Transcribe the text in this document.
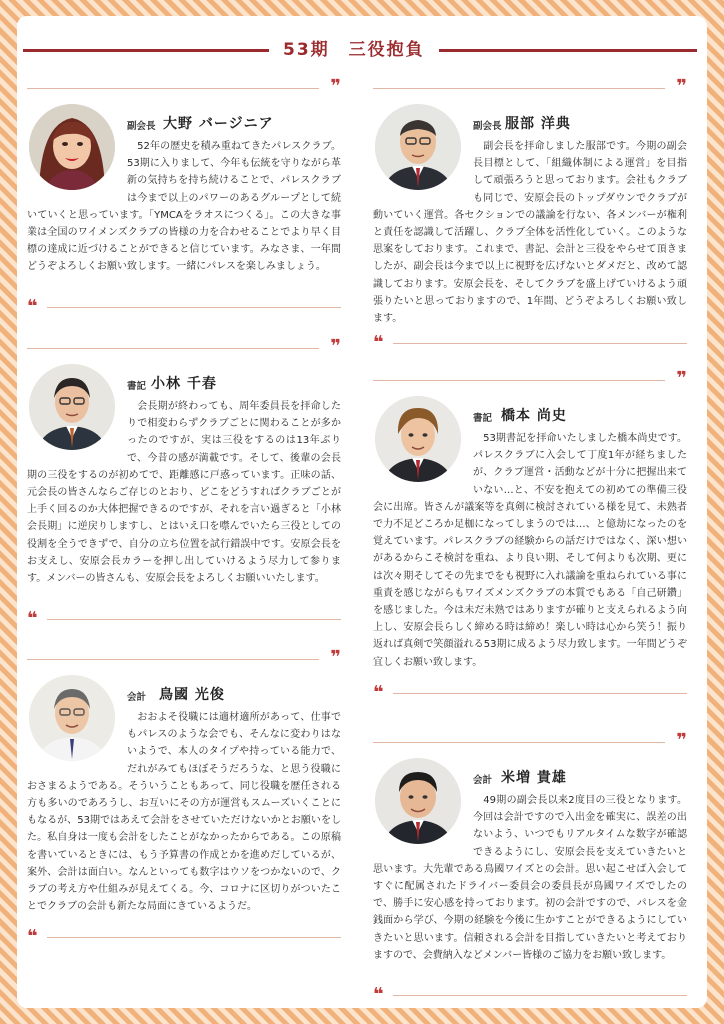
53期　三役抱負
❞
副会長 大野 バージニア
　52年の歴史を積み重ねてきたパレスクラブ。53期に入りまして、今年も伝統を守りながら革新の気持ちを持ち続けることで、パレスクラブは今まで以上のパワーのあるグループとして続いていくと思っています。「YMCAをラオスにつくる」。この大きな事業は全国のワイメンズクラブの皆様の力を合わせることでより早く目標の達成に近づけることができると信じています。みなさま、一年間どうぞよろしくお願い致します。一緒にパレスを楽しみましょう。
❝
❞
書記 小林 千春
　会長期が終わっても、周年委員長を拝命したりで相変わらずクラブごとに関わることが多かったのですが、実は三役をするのは13年ぶりで、今昔の感が満載です。そして、後輩の会長期の三役をするのが初めてで、距離感に戸惑っています。正味の話、元会長の皆さんならご存じのとおり、どこをどうすればクラブごとが上手く回るのか大体把握できるのですが、それを言い過ぎると「小林会長期」に逆戻りしますし、とはいえ口を噤んでいたら三役としての役割を全うできずで、自分の立ち位置を試行錯誤中です。安原会長をお支えし、安原会長カラーを押し出していけるよう尽力して参ります。メンバーの皆さんも、安原会長をよろしくお願いいたします。
❝
❞
会計 鳥國 光俊
　おおよそ役職には適材適所があって、仕事でもパレスのような会でも、そんなに変わりはないようで、本人のタイプや持っている能力で、だれがみてもほぼそうだろうな、と思う役職におさまるようである。そういうこともあって、同じ役職を歴任される方も多いのであろうし、お互いにその方が運営もスムーズいくことにもなるが、53期ではあえて会計をさせていただけないかとお願いをした。私自身は一度も会計をしたことがなかったからである。この原稿を書いているときには、もう予算書の作成とかを進めだしているが、案外、会計は面白い。なんといっても数字はウソをつかないので、クラブの考え方や仕組みが見えてくる。今、コロナに区切りがついたことでクラブの会計も新たな局面にきているようだ。
❝
❞
副会長 服部 洋典
　副会長を拝命しました服部です。今期の副会長目標として、「組織体制による運営」を目指して頑張ろうと思っております。会社もクラブも同じで、安原会長のトップダウンでクラブが動いていく運営。各セクションでの議論を行ない、各メンバーが権利と責任を認識して活躍し、クラブ全体を活性化していく。このような思案をしております。これまで、書記、会計と三役をやらせて頂きましたが、副会長は今まで以上に視野を広げないとダメだと、改めて認識しております。安原会長を、そしてクラブを盛上げていけるよう頑張りたいと思っておりますので、1年間、どうぞよろしくお願い致します。
❝
❞
書記 橋本 尚史
　53期書記を拝命いたしました橋本尚史です。パレスクラブに入会して丁度1年が経ちましたが、クラブ運営・活動などが十分に把握出来ていない…と、不安を抱えての初めての準備三役会に出席。皆さんが議案等を真剣に検討されている様を見て、未熟者で力不足どころか足枷になってしまうのでは…、と億劫になったのを覚えています。パレスクラブの経験からの話だけではなく、深い想いがあるからこそ検討を重ね、より良い期、そして何よりも次期、更には次々期そしてその先までをも視野に入れ議論を重ねられている事に重責を感じながらもワイズメンズクラブの本質でもある「自己研鑽」を感じました。今は未だ未熟ではありますが確りと支えられるよう向上し、安原会長らしく締める時は締め！楽しい時は心から笑う！振り返れば真剣で笑顔溢れる53期に成るよう尽力致します。一年間どうぞ宜しくお願い致します。
❝
❞
会計 米増 貴雄
　49期の副会長以来2度目の三役となります。今回は会計ですので入出金を確実に、誤差の出ないよう、いつでもリアルタイムな数字が確認できるようにし、安原会長を支えていきたいと思います。大先輩である鳥國ワイズとの会計。思い起こせば入会してすぐに配属されたドライバー委員会の委員長が鳥國ワイズでしたので、勝手に安心感を持っております。初の会計ですので、パレスを金銭面から学び、今期の経験を今後に生かすことができるようにしていきたいと思います。信頼される会計を目指していきたいと考えておりますので、会費納入などメンバー皆様のご協力をお願い致します。
❝
